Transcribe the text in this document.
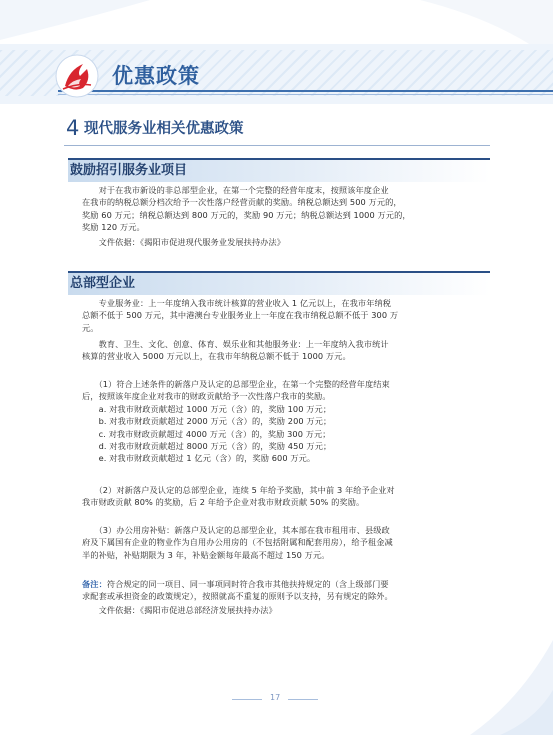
优惠政策
4 现代服务业相关优惠政策
鼓励招引服务业项目

　　对于在我市新设的非总部型企业，在第一个完整的经营年度末，按照该年度企业
在我市的纳税总额分档次给予一次性落户经营贡献的奖励。纳税总额达到 500 万元的，
奖励 60 万元；纳税总额达到 800 万元的，奖励 90 万元；纳税总额达到 1000 万元的，
奖励 120 万元。

　　文件依据：《揭阳市促进现代服务业发展扶持办法》

总部型企业

　　专业服务业：上一年度纳入我市统计核算的营业收入 1 亿元以上，在我市年纳税
总额不低于 500 万元，其中港澳台专业服务业上一年度在我市纳税总额不低于 300 万
元。

　　教育、卫生、文化、创意、体育、娱乐业和其他服务业：上一年度纳入我市统计
核算的营业收入 5000 万元以上，在我市年纳税总额不低于 1000 万元。

　　（1）符合上述条件的新落户及认定的总部型企业，在第一个完整的经营年度结束
后，按照该年度企业对我市的财政贡献给予一次性落户我市的奖励。
　　a. 对我市财政贡献超过 1000 万元（含）的，奖励 100 万元；
　　b. 对我市财政贡献超过 2000 万元（含）的，奖励 200 万元；
　　c. 对我市财政贡献超过 4000 万元（含）的，奖励 300 万元；
　　d. 对我市财政贡献超过 8000 万元（含）的，奖励 450 万元；
　　e. 对我市财政贡献超过 1 亿元（含）的，奖励 600 万元。

　　（2）对新落户及认定的总部型企业，连续 5 年给予奖励，其中前 3 年给予企业对
我市财政贡献 80% 的奖励，后 2 年给予企业对我市财政贡献 50% 的奖励。

　　（3）办公用房补贴：新落户及认定的总部型企业，其本部在我市租用市、县级政
府及下属国有企业的物业作为自用办公用房的（不包括附属和配套用房），给予租金减
半的补贴，补贴期限为 3 年，补贴金额每年最高不超过 150 万元。

备注：符合规定的同一项目、同一事项同时符合我市其他扶持规定的（含上级部门要
求配套或承担资金的政策规定），按照就高不重复的原则予以支持，另有规定的除外。

　　文件依据：《揭阳市促进总部经济发展扶持办法》

17
